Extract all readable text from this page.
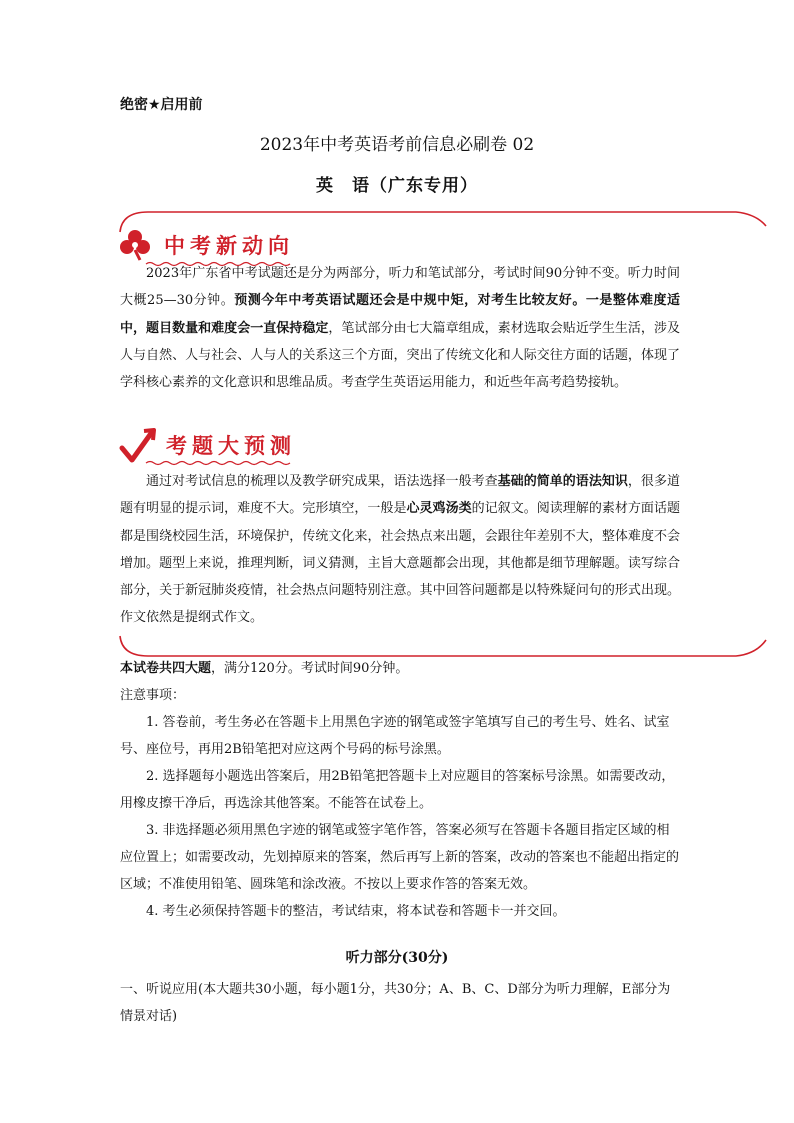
绝密★启用前
2023年中考英语考前信息必刷卷 02
英　语（广东专用）
中考新动向
2023年广东省中考试题还是分为两部分，听力和笔试部分，考试时间90分钟不变。听力时间大概25—30分钟。预测今年中考英语试题还会是中规中矩，对考生比较友好。一是整体难度适中，题目数量和难度会一直保持稳定，笔试部分由七大篇章组成，素材选取会贴近学生生活，涉及人与自然、人与社会、人与人的关系这三个方面，突出了传统文化和人际交往方面的话题，体现了学科核心素养的文化意识和思维品质。考查学生英语运用能力，和近些年高考趋势接轨。
考题大预测
通过对考试信息的梳理以及教学研究成果，语法选择一般考查基础的简单的语法知识，很多道题有明显的提示词，难度不大。完形填空，一般是心灵鸡汤类的记叙文。阅读理解的素材方面话题都是围绕校园生活，环境保护，传统文化来，社会热点来出题，会跟往年差别不大，整体难度不会增加。题型上来说，推理判断，词义猜测，主旨大意题都会出现，其他都是细节理解题。读写综合部分，关于新冠肺炎疫情，社会热点问题特别注意。其中回答问题都是以特殊疑问句的形式出现。作文依然是提纲式作文。
本试卷共四大题，满分120分。考试时间90分钟。
注意事项：
1. 答卷前，考生务必在答题卡上用黑色字迹的钢笔或签字笔填写自己的考生号、姓名、试室号、座位号，再用2B铅笔把对应这两个号码的标号涂黑。
2. 选择题每小题选出答案后，用2B铅笔把答题卡上对应题目的答案标号涂黑。如需要改动，用橡皮擦干净后，再选涂其他答案。不能答在试卷上。
3. 非选择题必须用黑色字迹的钢笔或签字笔作答，答案必须写在答题卡各题目指定区域的相应位置上；如需要改动，先划掉原来的答案，然后再写上新的答案，改动的答案也不能超出指定的区域；不准使用铅笔、圆珠笔和涂改液。不按以上要求作答的答案无效。
4. 考生必须保持答题卡的整洁，考试结束，将本试卷和答题卡一并交回。
听力部分(30分)
一、听说应用(本大题共30小题，每小题1分，共30分；A、B、C、D部分为听力理解，E部分为情景对话)
